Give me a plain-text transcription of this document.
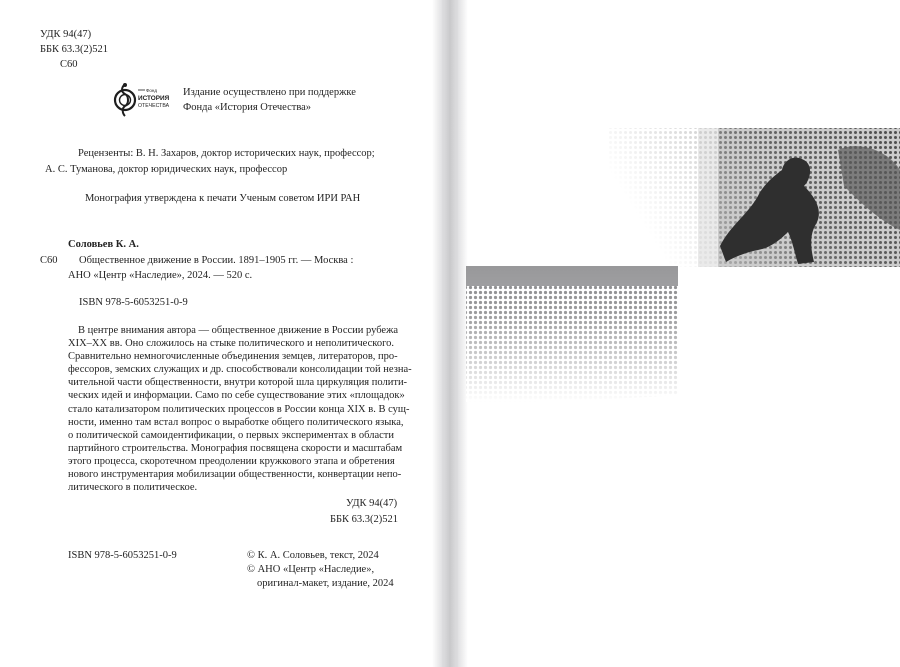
УДК 94(47)
ББК 63.3(2)521
С60
Фонд
ИСТОРИЯ
ОТЕЧЕСТВА
Издание осуществлено при поддержке
Фонда «История Отечества»
Рецензенты: В. Н. Захаров, доктор исторических наук, профессор;
А. С. Туманова, доктор юридических наук, профессор
Монография утверждена к печати Ученым советом ИРИ РАН
Соловьев К. А.
С60 Общественное движение в России. 1891–1905 гг. — Москва :
АНО «Центр «Наследие», 2024. — 520 с.
ISBN 978-5-6053251-0-9
В центре внимания автора — общественное движение в России рубежа
XIX–XX вв. Оно сложилось на стыке политического и неполитического.
Сравнительно немногочисленные объединения земцев, литераторов, про-
фессоров, земских служащих и др. способствовали консолидации той незна-
чительной части общественности, внутри которой шла циркуляция полити-
ческих идей и информации. Само по себе существование этих «площадок»
стало катализатором политических процессов в России конца XIX в. В сущ-
ности, именно там встал вопрос о выработке общего политического языка,
о политической самоидентификации, о первых экспериментах в области
партийного строительства. Монография посвящена скорости и масштабам
этого процесса, скоротечном преодолении кружкового этапа и обретения
нового инструментария мобилизации общественности, конвертации непо-
литического в политическое.
УДК 94(47)
ББК 63.3(2)521
ISBN 978-5-6053251-0-9	© К. А. Соловьев, текст, 2024
© АНО «Центр «Наследие»,
оригинал-макет, издание, 2024
